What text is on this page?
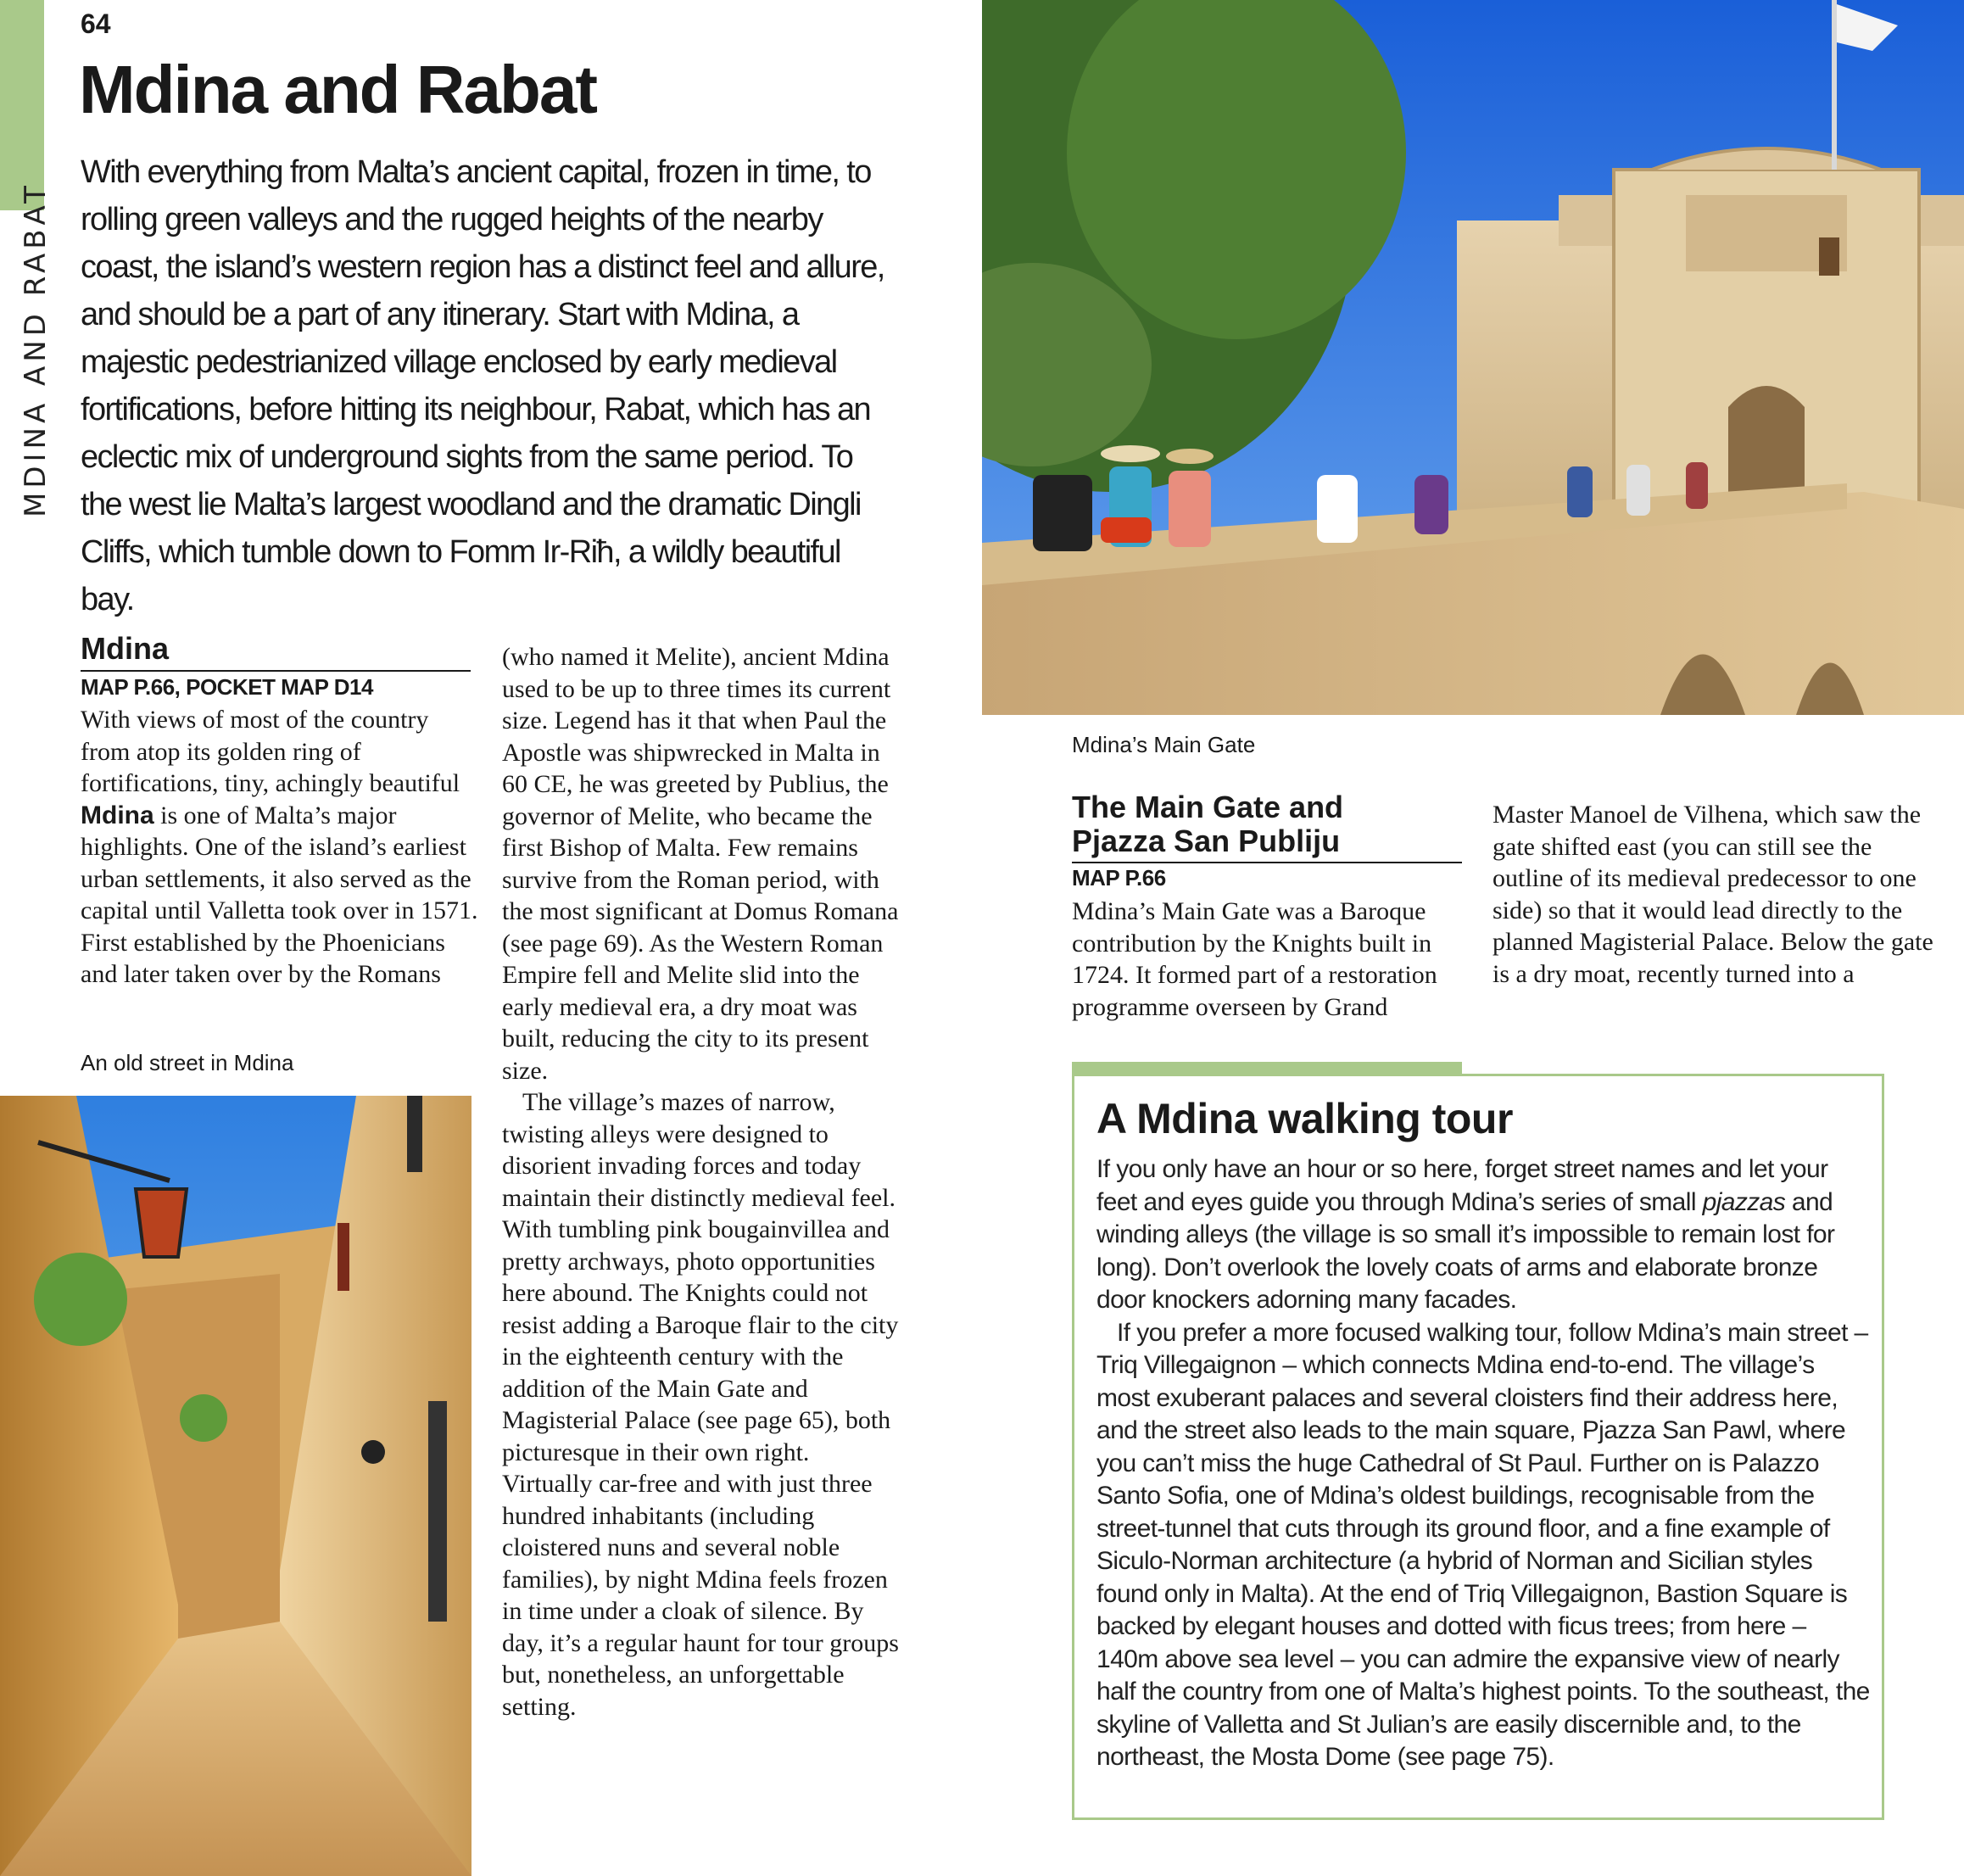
MDINA AND RABAT
64
Mdina and Rabat

With everything from Malta’s ancient capital, frozen in time, to rolling green valleys and the rugged heights of the nearby coast, the island’s western region has a distinct feel and allure, and should be a part of any itinerary. Start with Mdina, a majestic pedestrianized village enclosed by early medieval fortifications, before hitting its neighbour, Rabat, which has an eclectic mix of underground sights from the same period. To the west lie Malta’s largest woodland and the dramatic Dingli Cliffs, which tumble down to Fomm Ir-Riħ, a wildly beautiful bay.

Mdina
MAP P.66, POCKET MAP D14

With views of most of the country from atop its golden ring of fortifications, tiny, achingly beautiful Mdina is one of Malta’s major highlights. One of the island’s earliest urban settlements, it also served as the capital until Valletta took over in 1571. First established by the Phoenicians and later taken over by the Romans

(who named it Melite), ancient Mdina used to be up to three times its current size. Legend has it that when Paul the Apostle was shipwrecked in Malta in 60 CE, he was greeted by Publius, the governor of Melite, who became the first Bishop of Malta. Few remains survive from the Roman period, with the most significant at Domus Romana (see page 69). As the Western Roman Empire fell and Melite slid into the early medieval era, a dry moat was built, reducing the city to its present size.

The village’s mazes of narrow, twisting alleys were designed to disorient invading forces and today maintain their distinctly medieval feel. With tumbling pink bougainvillea and pretty archways, photo opportunities here abound. The Knights could not resist adding a Baroque flair to the city in the eighteenth century with the addition of the Main Gate and Magisterial Palace (see page 65), both picturesque in their own right. Virtually car-free and with just three hundred inhabitants (including cloistered nuns and several noble families), by night Mdina feels frozen in time under a cloak of silence. By day, it’s a regular haunt for tour groups but, nonetheless, an unforgettable setting.

An old street in Mdina
Mdina’s Main Gate
The Main Gate and
Pjazza San Publiju
MAP P.66

Mdina’s Main Gate was a Baroque contribution by the Knights built in 1724. It formed part of a restoration programme overseen by Grand

Master Manoel de Vilhena, which saw the gate shifted east (you can still see the outline of its medieval predecessor to one side) so that it would lead directly to the planned Magisterial Palace. Below the gate is a dry moat, recently turned into a

A Mdina walking tour

If you only have an hour or so here, forget street names and let your feet and eyes guide you through Mdina’s series of small pjazzas and winding alleys (the village is so small it’s impossible to remain lost for long). Don’t overlook the lovely coats of arms and elaborate bronze door knockers adorning many facades.

If you prefer a more focused walking tour, follow Mdina’s main street – Triq Villegaignon – which connects Mdina end-to-end. The village’s most exuberant palaces and several cloisters find their address here, and the street also leads to the main square, Pjazza San Pawl, where you can’t miss the huge Cathedral of St Paul. Further on is Palazzo Santo Sofia, one of Mdina’s oldest buildings, recognisable from the street-tunnel that cuts through its ground floor, and a fine example of Siculo-Norman architecture (a hybrid of Norman and Sicilian styles found only in Malta). At the end of Triq Villegaignon, Bastion Square is backed by elegant houses and dotted with ficus trees; from here – 140m above sea level – you can admire the expansive view of nearly half the country from one of Malta’s highest points. To the southeast, the skyline of Valletta and St Julian’s are easily discernible and, to the northeast, the Mosta Dome (see page 75).
